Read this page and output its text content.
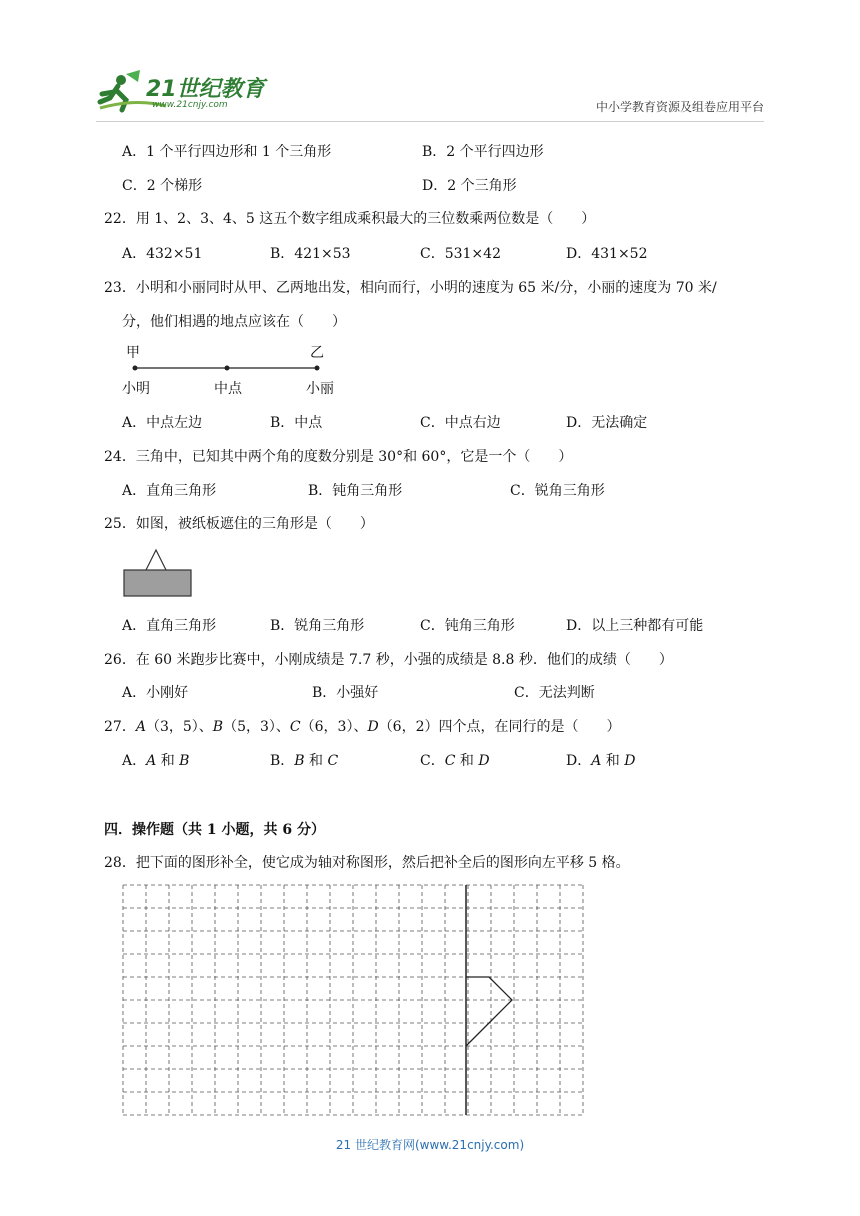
21世纪教育
www.21cnjy.com	中小学教育资源及组卷应用平台
A．1 个平行四边形和 1 个三角形	B．2 个平行四边形
C．2 个梯形	D．2 个三角形
22．用 1、2、3、4、5 这五个数字组成乘积最大的三位数乘两位数是（　　）
A．432×51	B．421×53	C．531×42	D．431×52
23．小明和小丽同时从甲、乙两地出发，相向而行，小明的速度为 65 米/分，小丽的速度为 70 米/
分，他们相遇的地点应该在（　　）
甲	乙
小明	中点	小丽
A．中点左边	B．中点	C．中点右边	D．无法确定
24．三角中，已知其中两个角的度数分别是 30°和 60°，它是一个（　　）
A．直角三角形	B．钝角三角形	C．锐角三角形
25．如图，被纸板遮住的三角形是（　　）
A．直角三角形	B．锐角三角形	C．钝角三角形	D．以上三种都有可能
26．在 60 米跑步比赛中，小刚成绩是 7.7 秒，小强的成绩是 8.8 秒．他们的成绩（　　）
A．小刚好	B．小强好	C．无法判断
27．A（3，5）、B（5，3）、C（6，3）、D（6，2）四个点，在同行的是（　　）
A．A 和 B	B．B 和 C	C．C 和 D	D．A 和 D
四．操作题（共 1 小题，共 6 分）
28．把下面的图形补全，使它成为轴对称图形，然后把补全后的图形向左平移 5 格。
21 世纪教育网(www.21cnjy.com)
